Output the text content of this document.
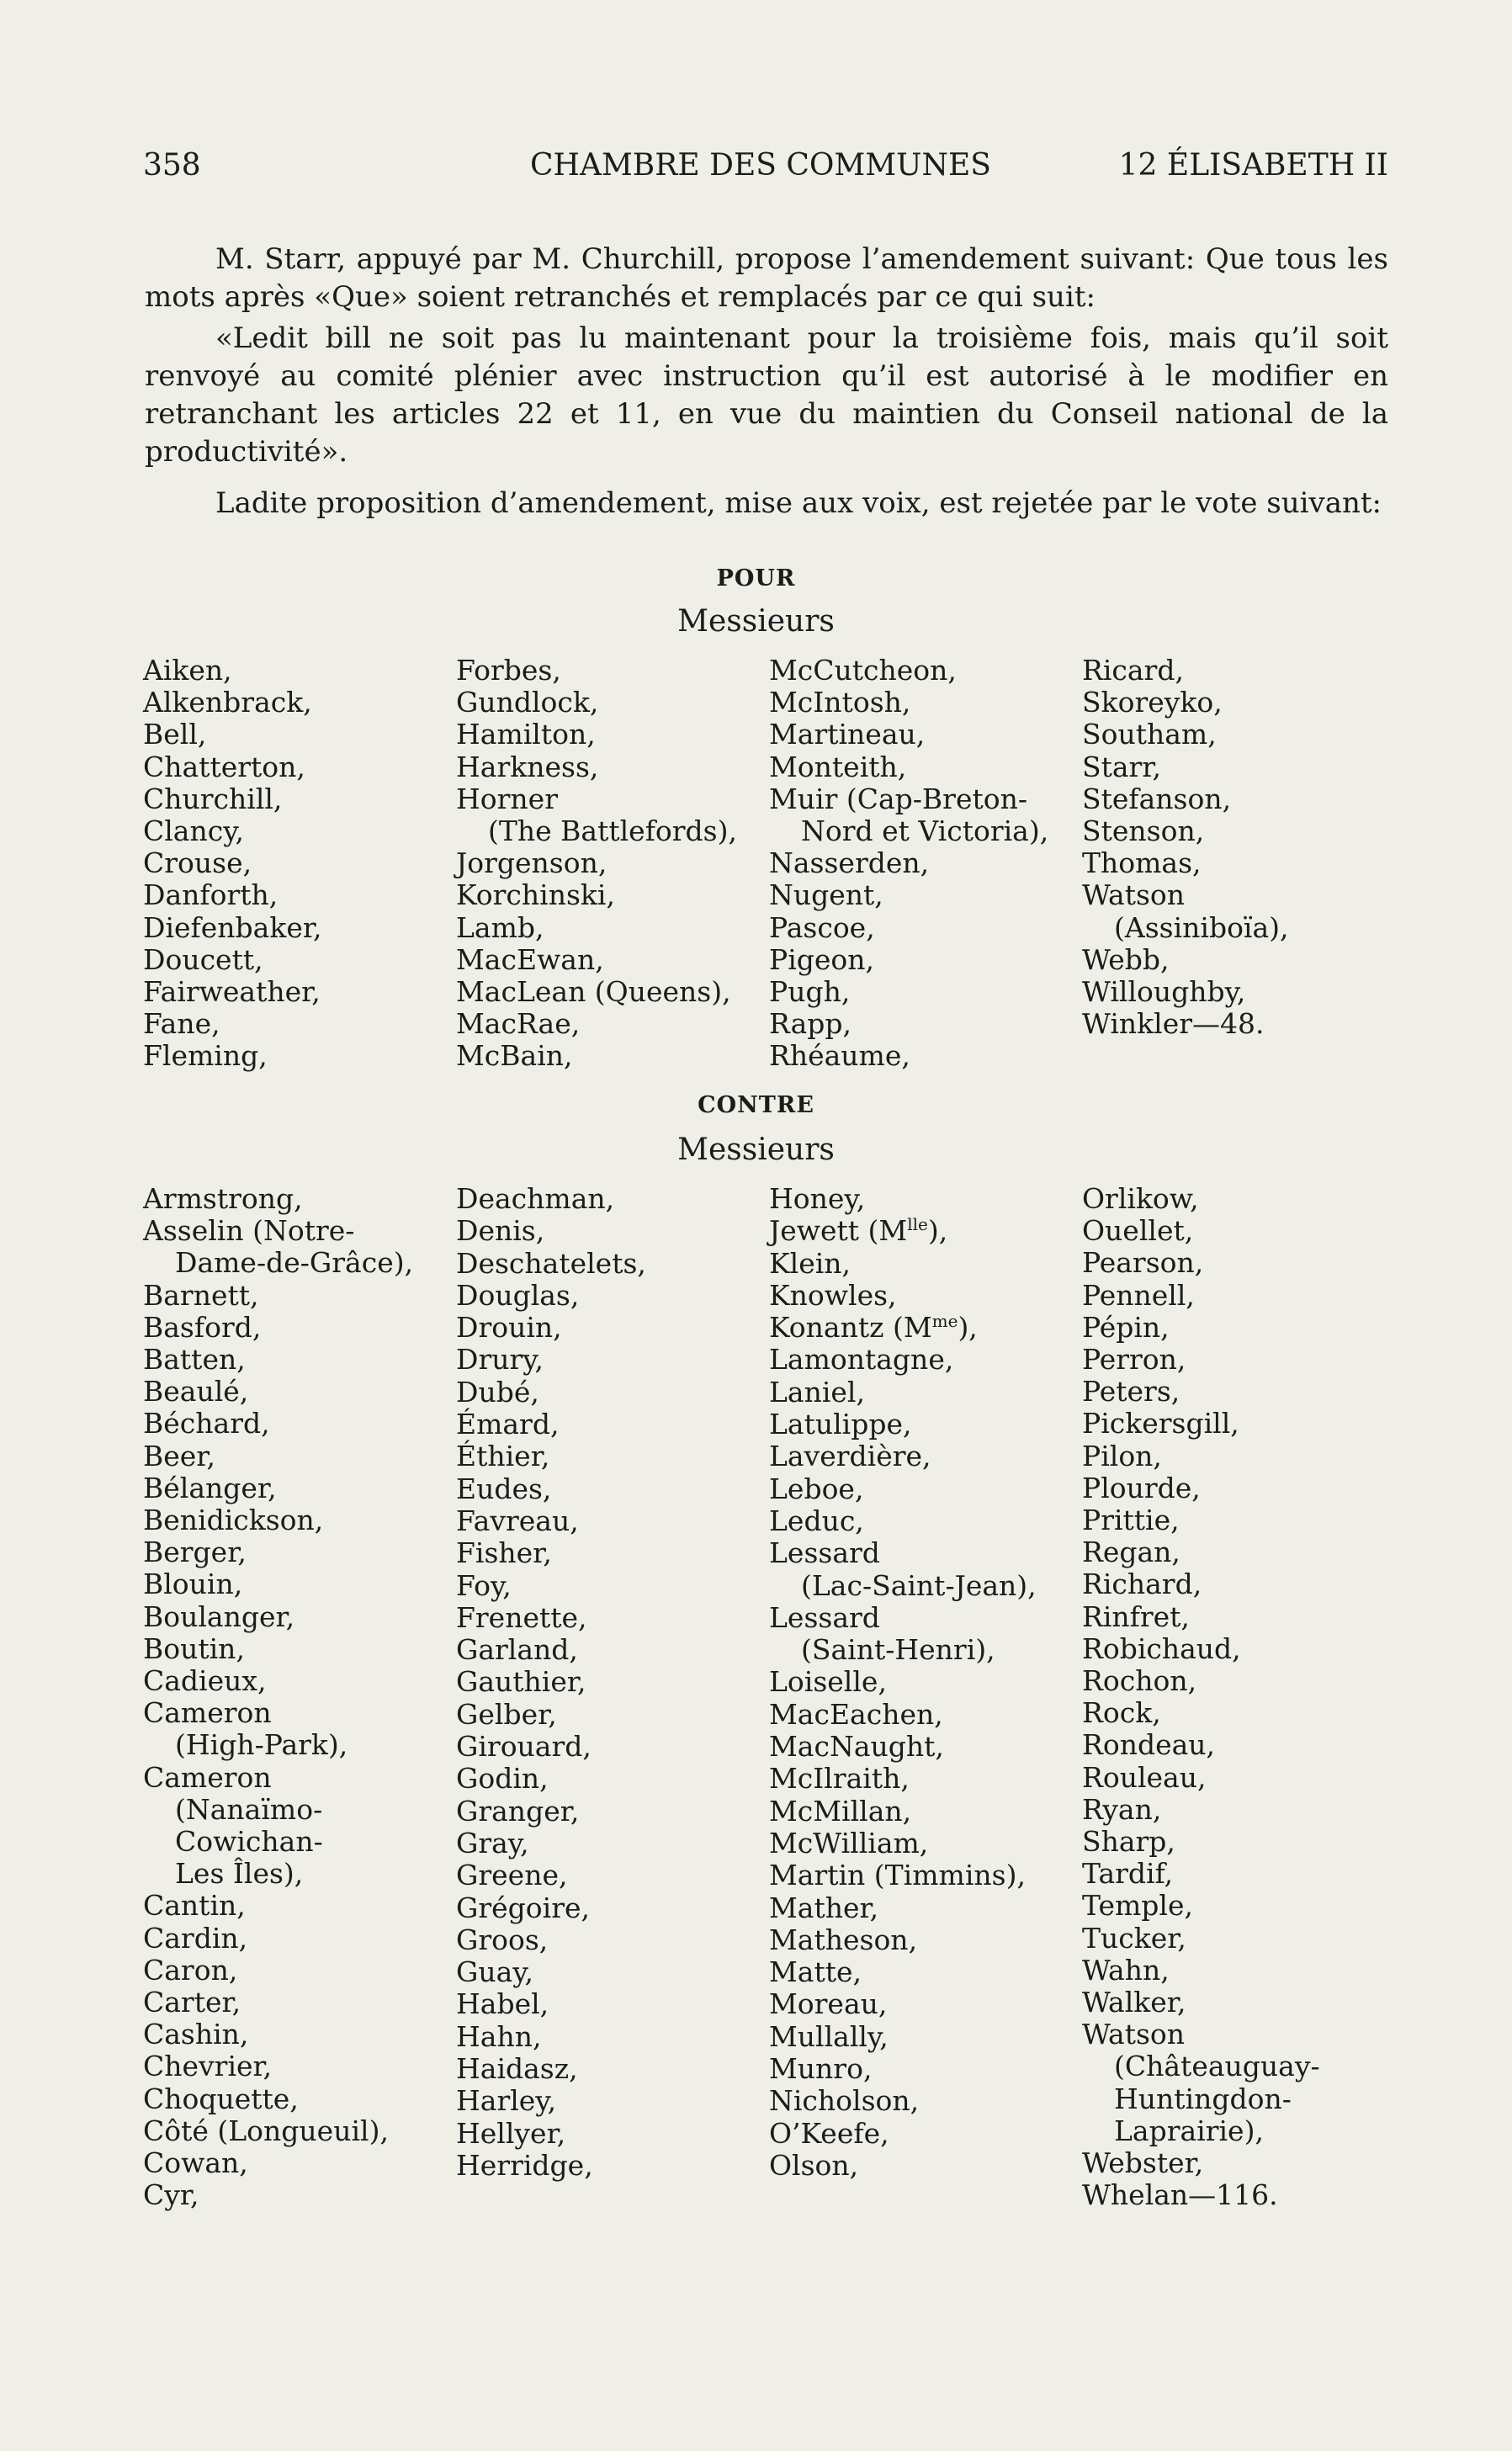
358	CHAMBRE DES COMMUNES	12 ÉLISABETH II

M. Starr, appuyé par M. Churchill, propose l’amendement suivant: Que tous les mots après «Que» soient retranchés et remplacés par ce qui suit:

«Ledit bill ne soit pas lu maintenant pour la troisième fois, mais qu’il soit renvoyé au comité plénier avec instruction qu’il est autorisé à le modifier en retranchant les articles 22 et 11, en vue du maintien du Conseil national de la productivité».

Ladite proposition d’amendement, mise aux voix, est rejetée par le vote suivant:

POUR
Messieurs
Aiken,
Alkenbrack,
Bell,
Chatterton,
Churchill,
Clancy,
Crouse,
Danforth,
Diefenbaker,
Doucett,
Fairweather,
Fane,
Fleming,
Forbes,
Gundlock,
Hamilton,
Harkness,
Horner
(The Battlefords),
Jorgenson,
Korchinski,
Lamb,
MacEwan,
MacLean (Queens),
MacRae,
McBain,
McCutcheon,
McIntosh,
Martineau,
Monteith,
Muir (Cap-Breton-
Nord et Victoria),
Nasserden,
Nugent,
Pascoe,
Pigeon,
Pugh,
Rapp,
Rhéaume,
Ricard,
Skoreyko,
Southam,
Starr,
Stefanson,
Stenson,
Thomas,
Watson
(Assiniboïa),
Webb,
Willoughby,
Winkler—48.
CONTRE
Messieurs
Armstrong,
Asselin (Notre-
Dame-de-Grâce),
Barnett,
Basford,
Batten,
Beaulé,
Béchard,
Beer,
Bélanger,
Benidickson,
Berger,
Blouin,
Boulanger,
Boutin,
Cadieux,
Cameron
(High-Park),
Cameron
(Nanaïmo-
Cowichan-
Les Îles),
Cantin,
Cardin,
Caron,
Carter,
Cashin,
Chevrier,
Choquette,
Côté (Longueuil),
Cowan,
Cyr,
Deachman,
Denis,
Deschatelets,
Douglas,
Drouin,
Drury,
Dubé,
Émard,
Éthier,
Eudes,
Favreau,
Fisher,
Foy,
Frenette,
Garland,
Gauthier,
Gelber,
Girouard,
Godin,
Granger,
Gray,
Greene,
Grégoire,
Groos,
Guay,
Habel,
Hahn,
Haidasz,
Harley,
Hellyer,
Herridge,
Honey,
Jewett $(M^{lle})$,
Klein,
Knowles,
Konantz $(M^{me})$,
Lamontagne,
Laniel,
Latulippe,
Laverdière,
Leboe,
Leduc,
Lessard
(Lac-Saint-Jean),
Lessard
(Saint-Henri),
Loiselle,
MacEachen,
MacNaught,
McIlraith,
McMillan,
McWilliam,
Martin (Timmins),
Mather,
Matheson,
Matte,
Moreau,
Mullally,
Munro,
Nicholson,
O’Keefe,
Olson,
Orlikow,
Ouellet,
Pearson,
Pennell,
Pépin,
Perron,
Peters,
Pickersgill,
Pilon,
Plourde,
Prittie,
Regan,
Richard,
Rinfret,
Robichaud,
Rochon,
Rock,
Rondeau,
Rouleau,
Ryan,
Sharp,
Tardif,
Temple,
Tucker,
Wahn,
Walker,
Watson
(Châteauguay-
Huntingdon-
Laprairie),
Webster,
Whelan—116.
